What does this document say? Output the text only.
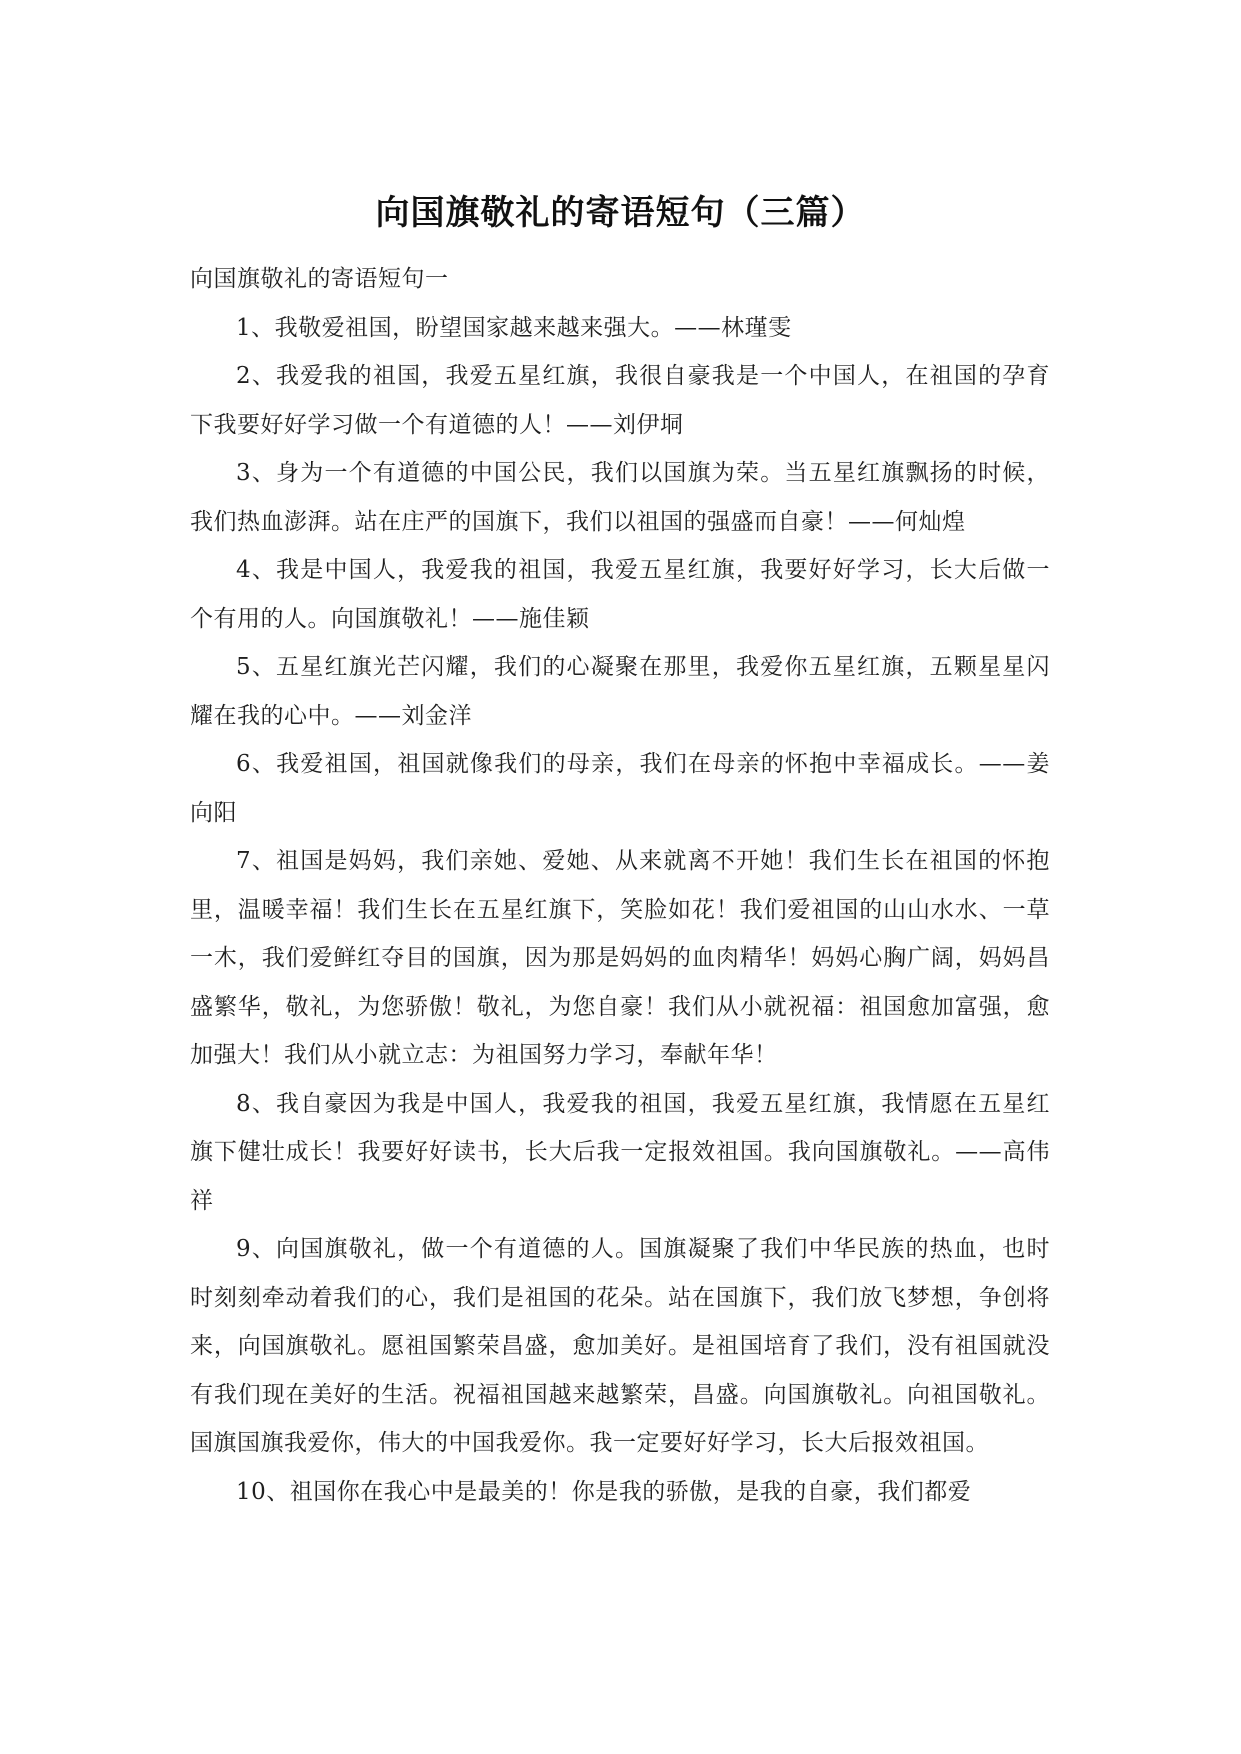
向国旗敬礼的寄语短句（三篇）

向国旗敬礼的寄语短句一

1、我敬爱祖国，盼望国家越来越来强大。——林瑾雯

2、我爱我的祖国，我爱五星红旗，我很自豪我是一个中国人，在祖国的孕育下我要好好学习做一个有道德的人！——刘伊垌

3、身为一个有道德的中国公民，我们以国旗为荣。当五星红旗飘扬的时候，我们热血澎湃。站在庄严的国旗下，我们以祖国的强盛而自豪！——何灿煌

4、我是中国人，我爱我的祖国，我爱五星红旗，我要好好学习，长大后做一个有用的人。向国旗敬礼！——施佳颖

5、五星红旗光芒闪耀，我们的心凝聚在那里，我爱你五星红旗，五颗星星闪耀在我的心中。——刘金洋

6、我爱祖国，祖国就像我们的母亲，我们在母亲的怀抱中幸福成长。——姜向阳

7、祖国是妈妈，我们亲她、爱她、从来就离不开她！我们生长在祖国的怀抱里，温暖幸福！我们生长在五星红旗下，笑脸如花！我们爱祖国的山山水水、一草一木，我们爱鲜红夺目的国旗，因为那是妈妈的血肉精华！妈妈心胸广阔，妈妈昌盛繁华，敬礼，为您骄傲！敬礼，为您自豪！我们从小就祝福：祖国愈加富强，愈加强大！我们从小就立志：为祖国努力学习，奉献年华！

8、我自豪因为我是中国人，我爱我的祖国，我爱五星红旗，我情愿在五星红旗下健壮成长！我要好好读书，长大后我一定报效祖国。我向国旗敬礼。——高伟祥

9、向国旗敬礼，做一个有道德的人。国旗凝聚了我们中华民族的热血，也时时刻刻牵动着我们的心，我们是祖国的花朵。站在国旗下，我们放飞梦想，争创将来，向国旗敬礼。愿祖国繁荣昌盛，愈加美好。是祖国培育了我们，没有祖国就没有我们现在美好的生活。祝福祖国越来越繁荣，昌盛。向国旗敬礼。向祖国敬礼。国旗国旗我爱你，伟大的中国我爱你。我一定要好好学习，长大后报效祖国。

10、祖国你在我心中是最美的！你是我的骄傲，是我的自豪，我们都爱
